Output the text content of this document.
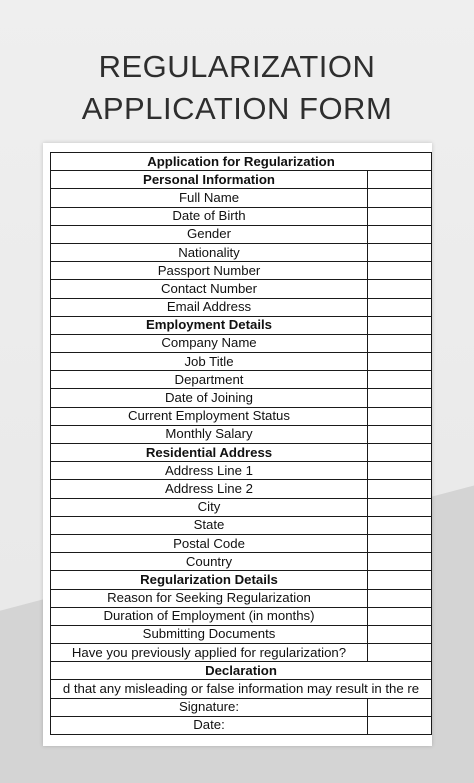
REGULARIZATION
APPLICATION FORM
Application for Regularization	
Personal Information	
Full Name	
Date of Birth	
Gender	
Nationality	
Passport Number	
Contact Number	
Email Address	
Employment Details	
Company Name	
Job Title	
Department	
Date of Joining	
Current Employment Status	
Monthly Salary	
Residential Address	
Address Line 1	
Address Line 2	
City	
State	
Postal Code	
Country	
Regularization Details	
Reason for Seeking Regularization	
Duration of Employment (in months)	
Submitting Documents	
Have you previously applied for regularization?	
Declaration	
d that any misleading or false information may result in the re	
Signature:	
Date:	
